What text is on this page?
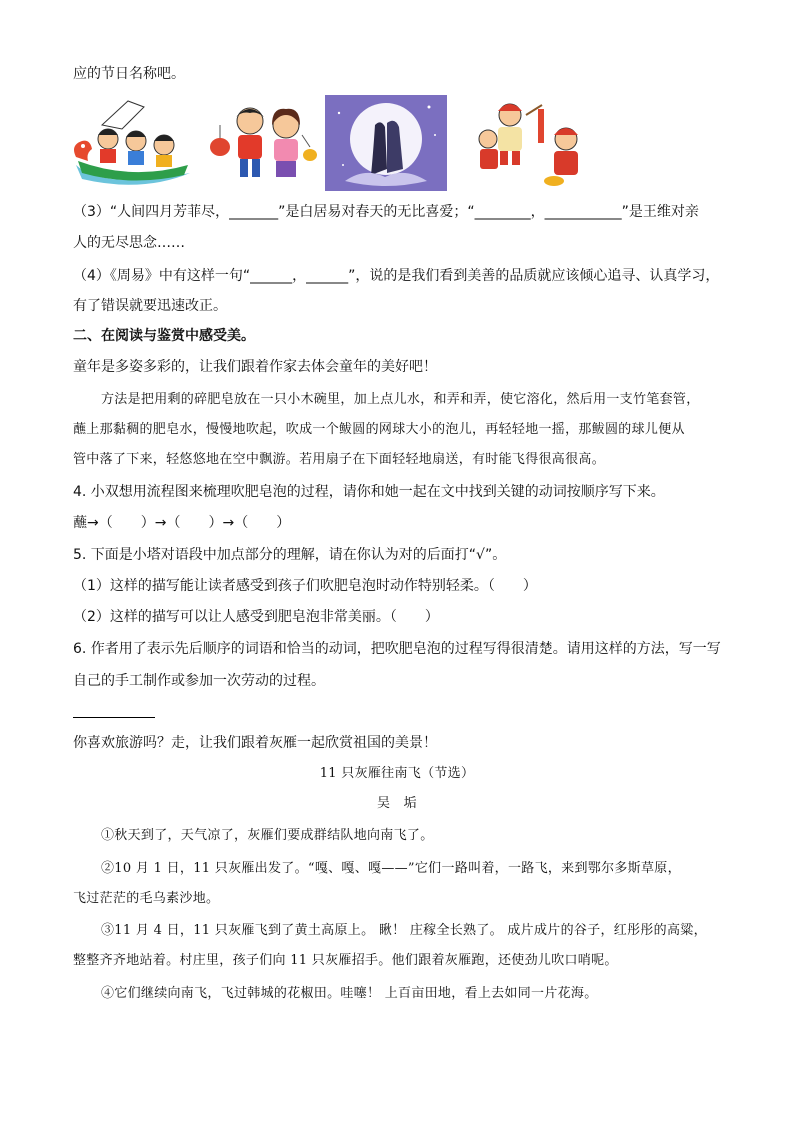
应的节日名称吧。
（3）“人间四月芳菲尽，_______”是白居易对春天的无比喜爱；“________，___________”是王维对亲
人的无尽思念……
（4）《周易》中有这样一句“______，______”，说的是我们看到美善的品质就应该倾心追寻、认真学习，
有了错误就要迅速改正。
二、在阅读与鉴赏中感受美。
童年是多姿多彩的，让我们跟着作家去体会童年的美好吧！
方法是把用剩的碎肥皂放在一只小木碗里，加上点儿水，和弄和弄，使它溶化，然后用一支竹笔套管，
蘸上那黏稠的肥皂水，慢慢地吹起，吹成一个鲅圆的网球大小的泡儿，再轻轻地一摇，那鲅圆的球儿便从
管中落了下来，轻悠悠地在空中飘游。若用扇子在下面轻轻地扇送，有时能飞得很高很高。
4. 小双想用流程图来梳理吹肥皂泡的过程，请你和她一起在文中找到关键的动词按顺序写下来。
蘸→（　　）→（　　）→（　　）
5. 下面是小塔对语段中加点部分的理解，请在你认为对的后面打“√”。
（1）这样的描写能让读者感受到孩子们吹肥皂泡时动作特别轻柔。（　　）
（2）这样的描写可以让人感受到肥皂泡非常美丽。（　　）
6. 作者用了表示先后顺序的词语和恰当的动词，把吹肥皂泡的过程写得很清楚。请用这样的方法，写一写
自己的手工制作或参加一次劳动的过程。
你喜欢旅游吗？走，让我们跟着灰雁一起欣赏祖国的美景！
11 只灰雁往南飞（节选）
吴　垢
①秋天到了，天气凉了，灰雁们要成群结队地向南飞了。
②10 月 1 日，11 只灰雁出发了。“嘎、嘎、嘎——”它们一路叫着，一路飞，来到鄂尔多斯草原，
飞过茫茫的毛乌素沙地。
③11 月 4 日，11 只灰雁飞到了黄土高原上。 瞅！ 庄稼全长熟了。 成片成片的谷子，红彤彤的高粱，
整整齐齐地站着。村庄里，孩子们向 11 只灰雁招手。他们跟着灰雁跑，还使劲儿吹口哨呢。
④它们继续向南飞，飞过韩城的花椒田。哇噻！ 上百亩田地，看上去如同一片花海。
